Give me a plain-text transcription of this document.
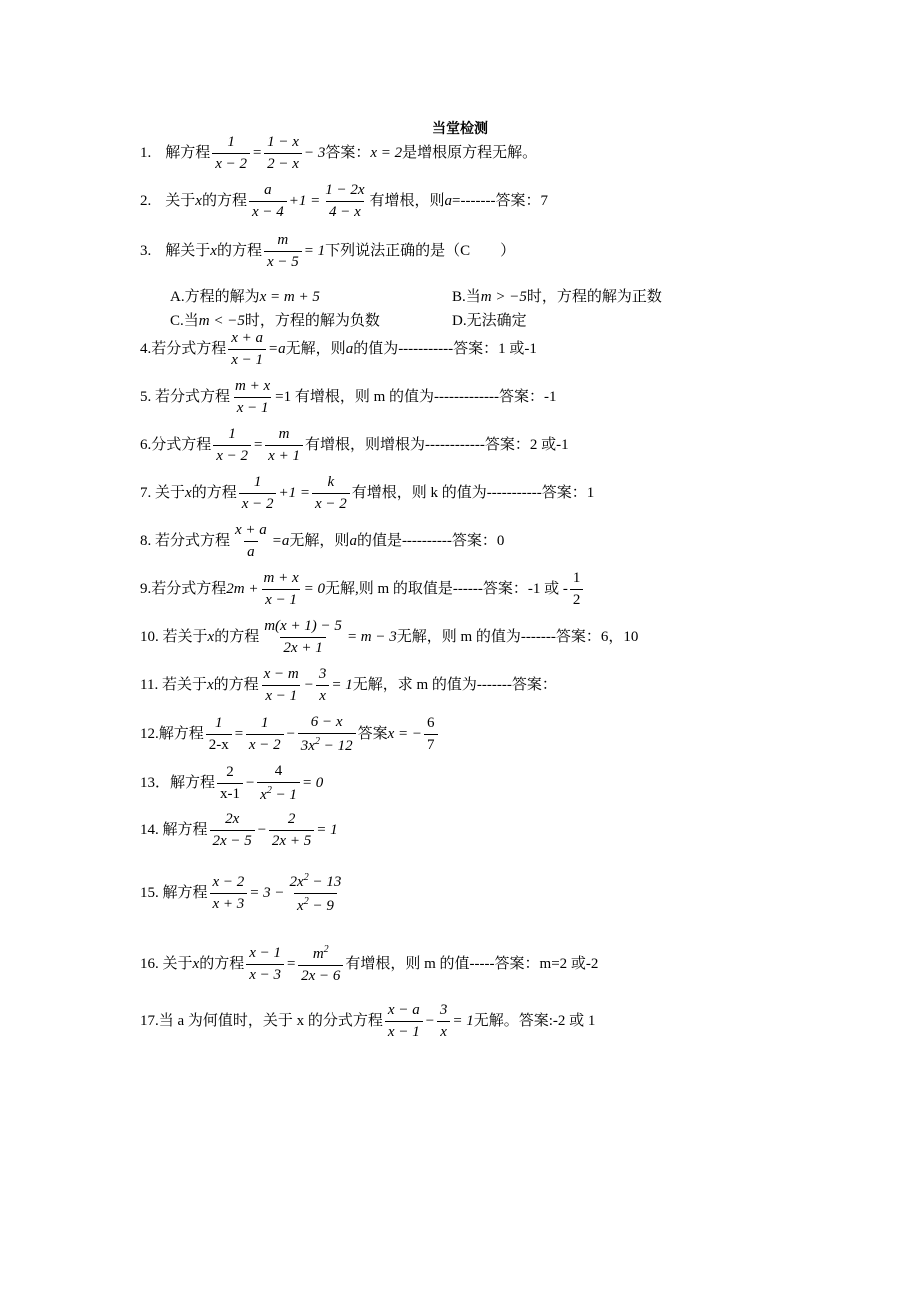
当堂检测
1. 解方程 $\frac{1}{x - 2} = \frac{1 - x}{2 - x} - 3$ 答案： x = 2 是增根原方程无解。
2. 关于 x 的方程 $\frac{a}{x - 4} +1 = \frac{1 - 2x}{4 - x}$ 有增根，则 a =-------答案：7
3. 解关于 x 的方程 $\frac{m}{x - 5} = 1$ 下列说法正确的是（C　　）
A.方程的解为x = m + 5	B.当m > −5时，方程的解为正数
C.当m < −5时，方程的解为负数	D.无法确定
4.若分式方程 $\frac{x + a}{x - 1} = a$ 无解，则 a 的值为-----------答案：1 或-1
5. 若分式方程 $\frac{m + x}{x - 1} =1$ 有增根，则 m 的值为-------------答案：-1
6.分式方程 $\frac{1}{x - 2} = \frac{m}{x + 1}$ 有增根，则增根为------------答案：2 或-1
7. 关于 x 的方程 $\frac{1}{x - 2} +1 = \frac{k}{x - 2}$ 有增根，则 k 的值为-----------答案：1
8. 若分式方程 $\frac{x + a}{a} = a$ 无解，则 a 的值是----------答案：0
9.若分式方程 $2m + \frac{m + x}{x - 1} = 0$ 无解,则 m 的取值是------答案：-1 或 - $\frac{1}{2}$
10. 若关于 x 的方程 $\frac{m(x + 1) - 5}{2x + 1} = m - 3$ 无解，则 m 的值为-------答案：6，10
11. 若关于 x 的方程 $\frac{x - m}{x - 1} - \frac{3}{x} = 1$ 无解，求 m 的值为-------答案：
12.解方程 $\frac{1}{2-x} = \frac{1}{x - 2} - \frac{6 - x}{3x^2 - 12}$ 答案 x = − $\frac{6}{7}$
13．解方程 $\frac{2}{x-1} - \frac{4}{x^2 - 1} = 0$
14. 解方程 $\frac{2x}{2x - 5} - \frac{2}{2x + 5} = 1$
15. 解方程 $\frac{x - 2}{x + 3} = 3 - \frac{2x^2 - 13}{x^2 - 9}$
16. 关于 x 的方程 $\frac{x - 1}{x - 3} = \frac{m^2}{2x - 6}$ 有增根，则 m 的值-----答案：m=2 或-2
17.当 a 为何值时，关于 x 的分式方程 $\frac{x - a}{x - 1} - \frac{3}{x} = 1$ 无解。答案:-2 或 1
